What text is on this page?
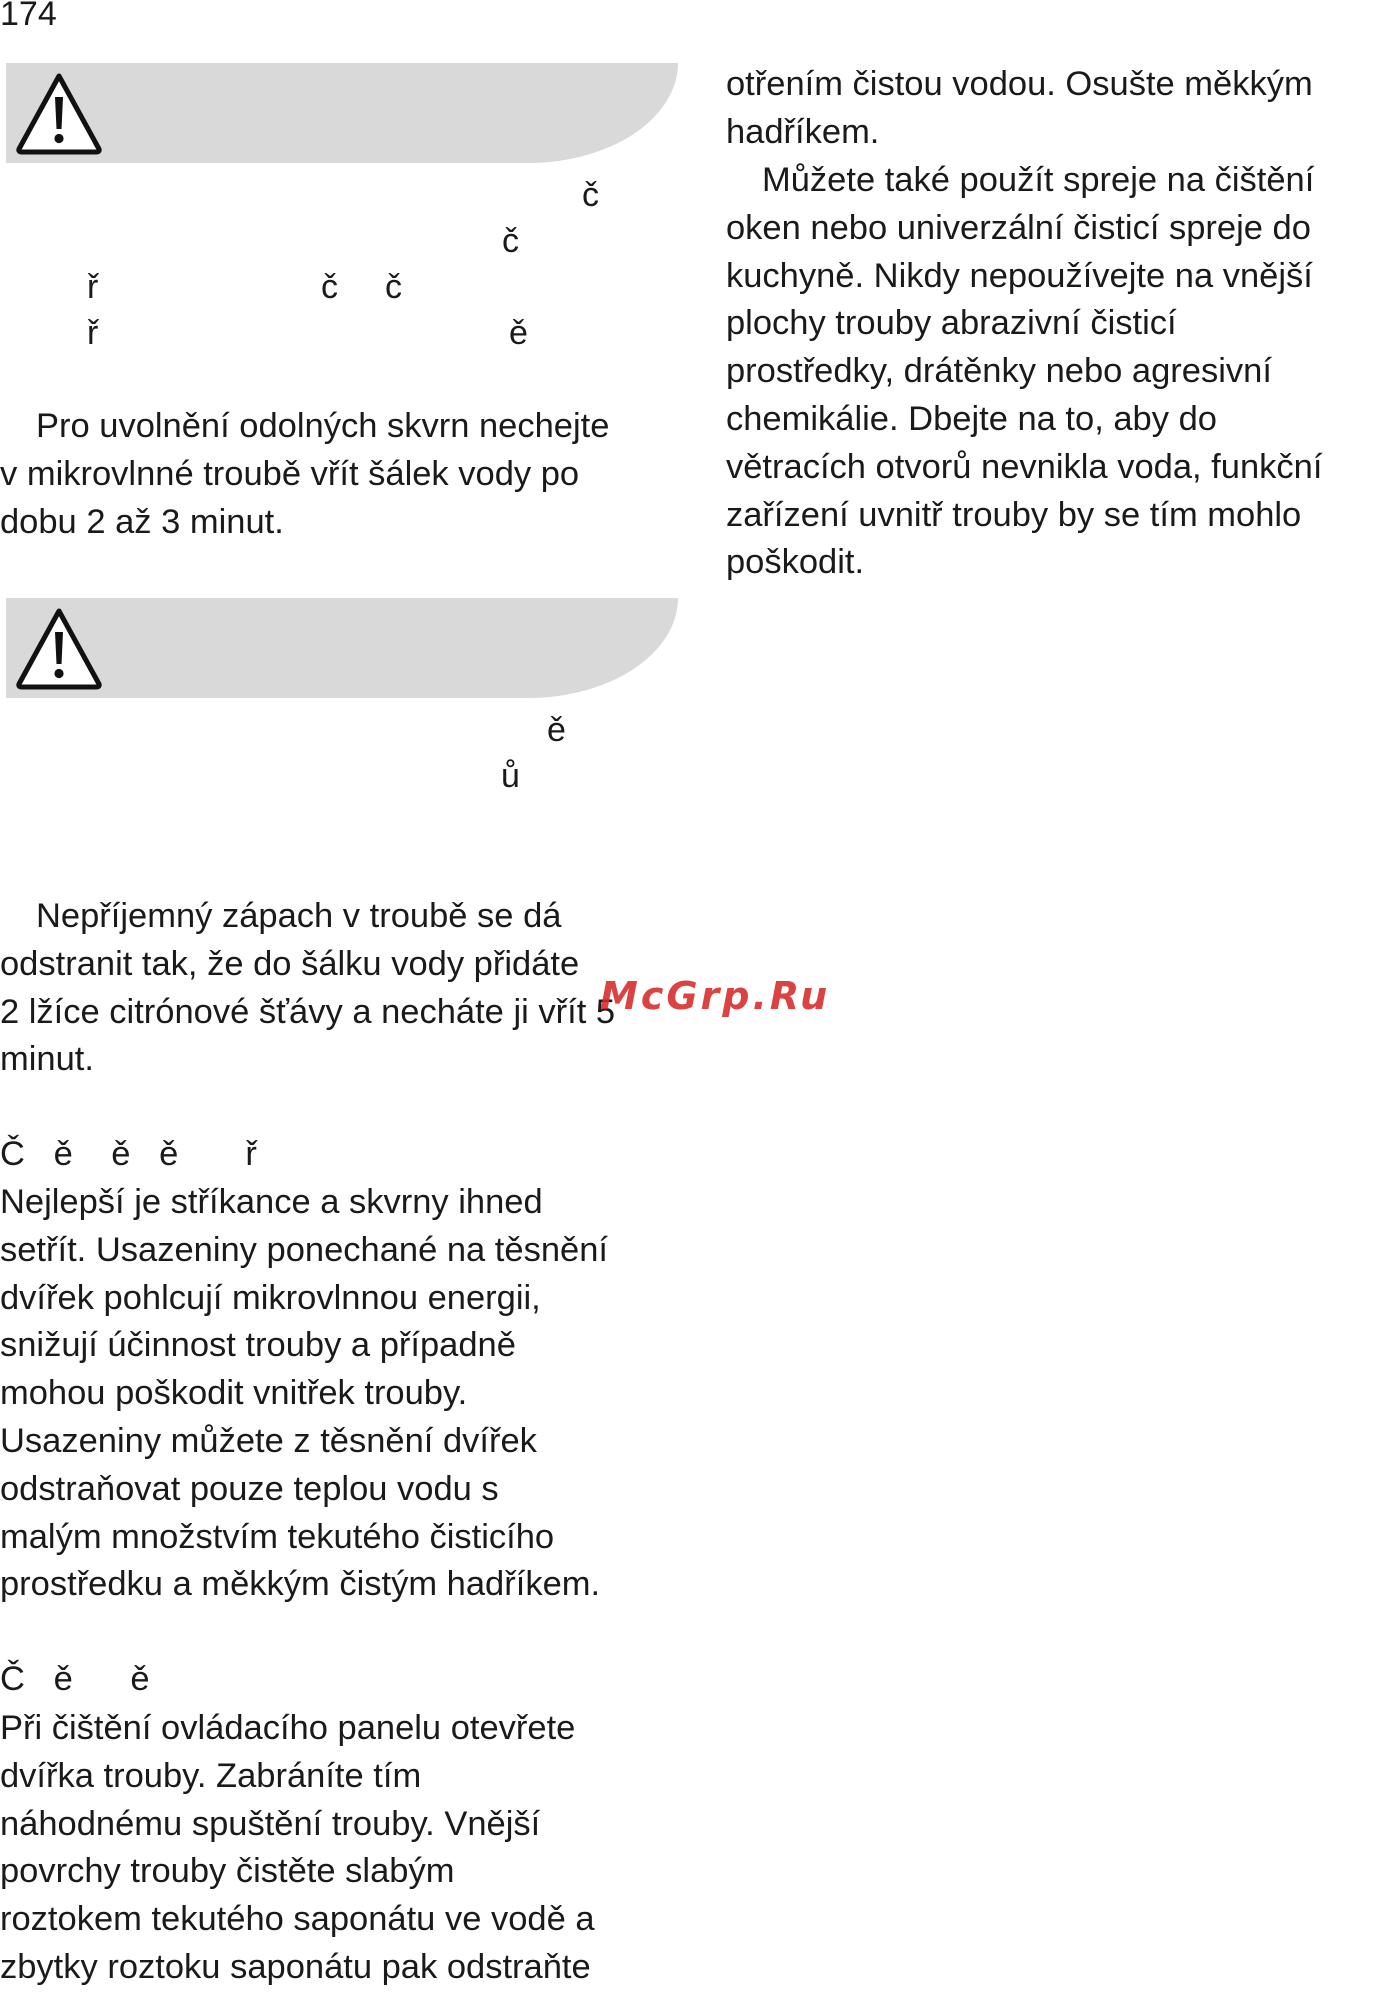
174
č
č
ř	č č
ř	ě

Pro uvolnění odolných skvrn nechejte

v mikrovlnné troubě vřít šálek vody po

dobu 2 až 3 minut.

ě
ů

Nepříjemný zápach v troubě se dá

odstranit tak, že do šálku vody přidáte

2 lžíce citrónové šťávy a necháte ji vřít 5

minut.

Č   ě    ě   ě       ř

Nejlepší je stříkance a skvrny ihned

setřít. Usazeniny ponechané na těsnění

dvířek pohlcují mikrovlnnou energii,

snižují účinnost trouby a případně

mohou poškodit vnitřek trouby.

Usazeniny můžete z těsnění dvířek

odstraňovat pouze teplou vodu s

malým množstvím tekutého čisticího

prostředku a měkkým čistým hadříkem.

Č   ě      ě

Při čištění ovládacího panelu otevřete

dvířka trouby. Zabráníte tím

náhodnému spuštění trouby. Vnější

povrchy trouby čistěte slabým

roztokem tekutého saponátu ve vodě a

zbytky roztoku saponátu pak odstraňte

otřením čistou vodou. Osušte měkkým

hadříkem.

Můžete také použít spreje na čištění

oken nebo univerzální čisticí spreje do

kuchyně. Nikdy nepoužívejte na vnější

plochy trouby abrazivní čisticí

prostředky, drátěnky nebo agresivní

chemikálie. Dbejte na to, aby do

větracích otvorů nevnikla voda, funkční

zařízení uvnitř trouby by se tím mohlo

poškodit.

McGrp.Ru
